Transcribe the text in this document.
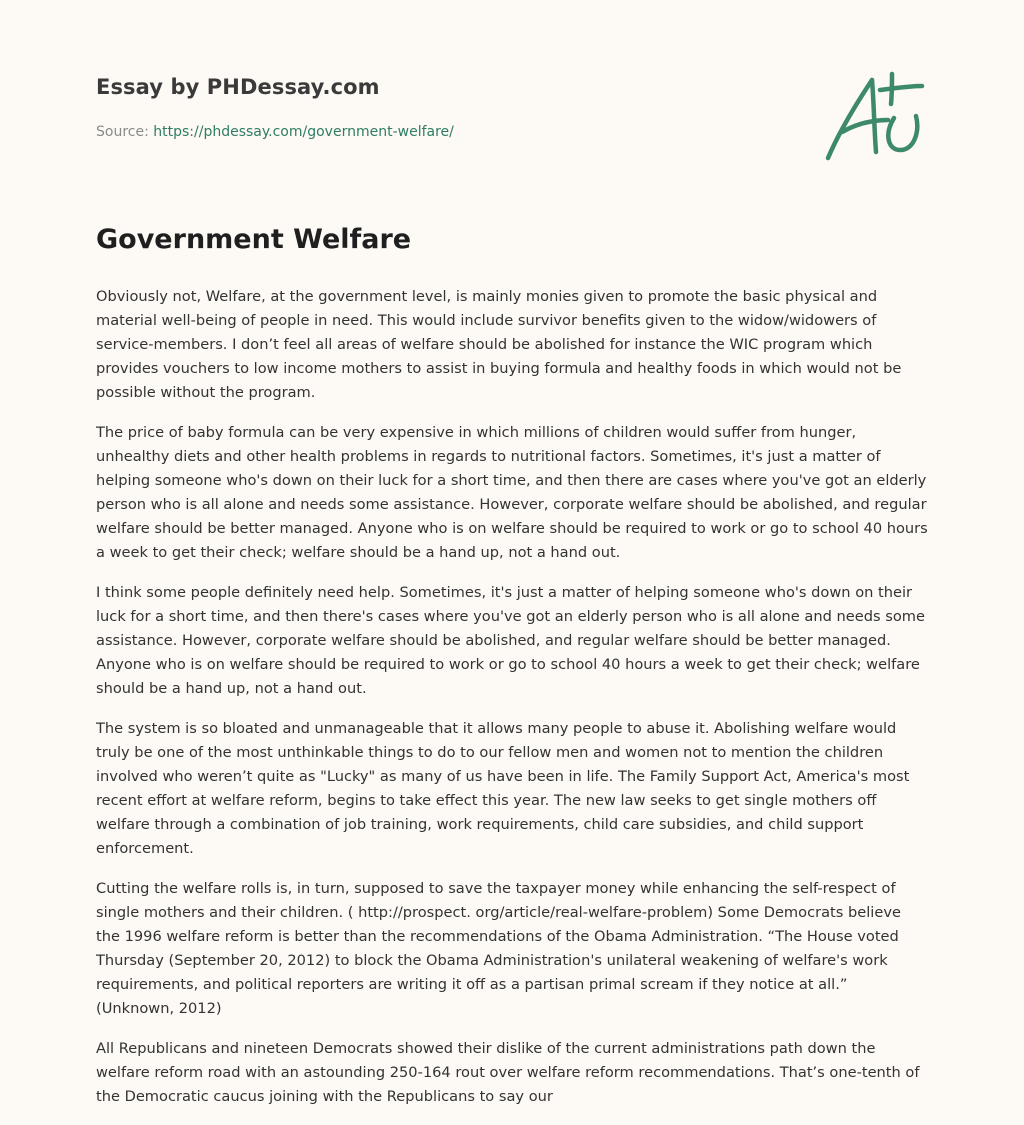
Essay by PHDessay.com
Source: https://phdessay.com/government-welfare/
Government Welfare

Obviously not, Welfare, at the government level, is mainly monies given to promote the basic physical and material well-being of people in need. This would include survivor benefits given to the widow/widowers of service-members. I don’t feel all areas of welfare should be abolished for instance the WIC program which provides vouchers to low income mothers to assist in buying formula and healthy foods in which would not be possible without the program.

The price of baby formula can be very expensive in which millions of children would suffer from hunger, unhealthy diets and other health problems in regards to nutritional factors. Sometimes, it's just a matter of helping someone who's down on their luck for a short time, and then there are cases where you've got an elderly person who is all alone and needs some assistance. However, corporate welfare should be abolished, and regular welfare should be better managed. Anyone who is on welfare should be required to work or go to school 40 hours a week to get their check; welfare should be a hand up, not a hand out.

I think some people definitely need help. Sometimes, it's just a matter of helping someone who's down on their luck for a short time, and then there's cases where you've got an elderly person who is all alone and needs some assistance. However, corporate welfare should be abolished, and regular welfare should be better managed. Anyone who is on welfare should be required to work or go to school 40 hours a week to get their check; welfare should be a hand up, not a hand out.

The system is so bloated and unmanageable that it allows many people to abuse it. Abolishing welfare would truly be one of the most unthinkable things to do to our fellow men and women not to mention the children involved who weren’t quite as "Lucky" as many of us have been in life. The Family Support Act, America's most recent effort at welfare reform, begins to take effect this year. The new law seeks to get single mothers off welfare through a combination of job training, work requirements, child care subsidies, and child support enforcement.

Cutting the welfare rolls is, in turn, supposed to save the taxpayer money while enhancing the self-respect of single mothers and their children. ( http://prospect. org/article/real-welfare-problem) Some Democrats believe the 1996 welfare reform is better than the recommendations of the Obama Administration. “The House voted Thursday (September 20, 2012) to block the Obama Administration's unilateral weakening of welfare's work requirements, and political reporters are writing it off as a partisan primal scream if they notice at all.” (Unknown, 2012)

All Republicans and nineteen Democrats showed their dislike of the current administrations path down the welfare reform road with an astounding 250-164 rout over welfare reform recommendations. That’s one-tenth of the Democratic caucus joining with the Republicans to say our
